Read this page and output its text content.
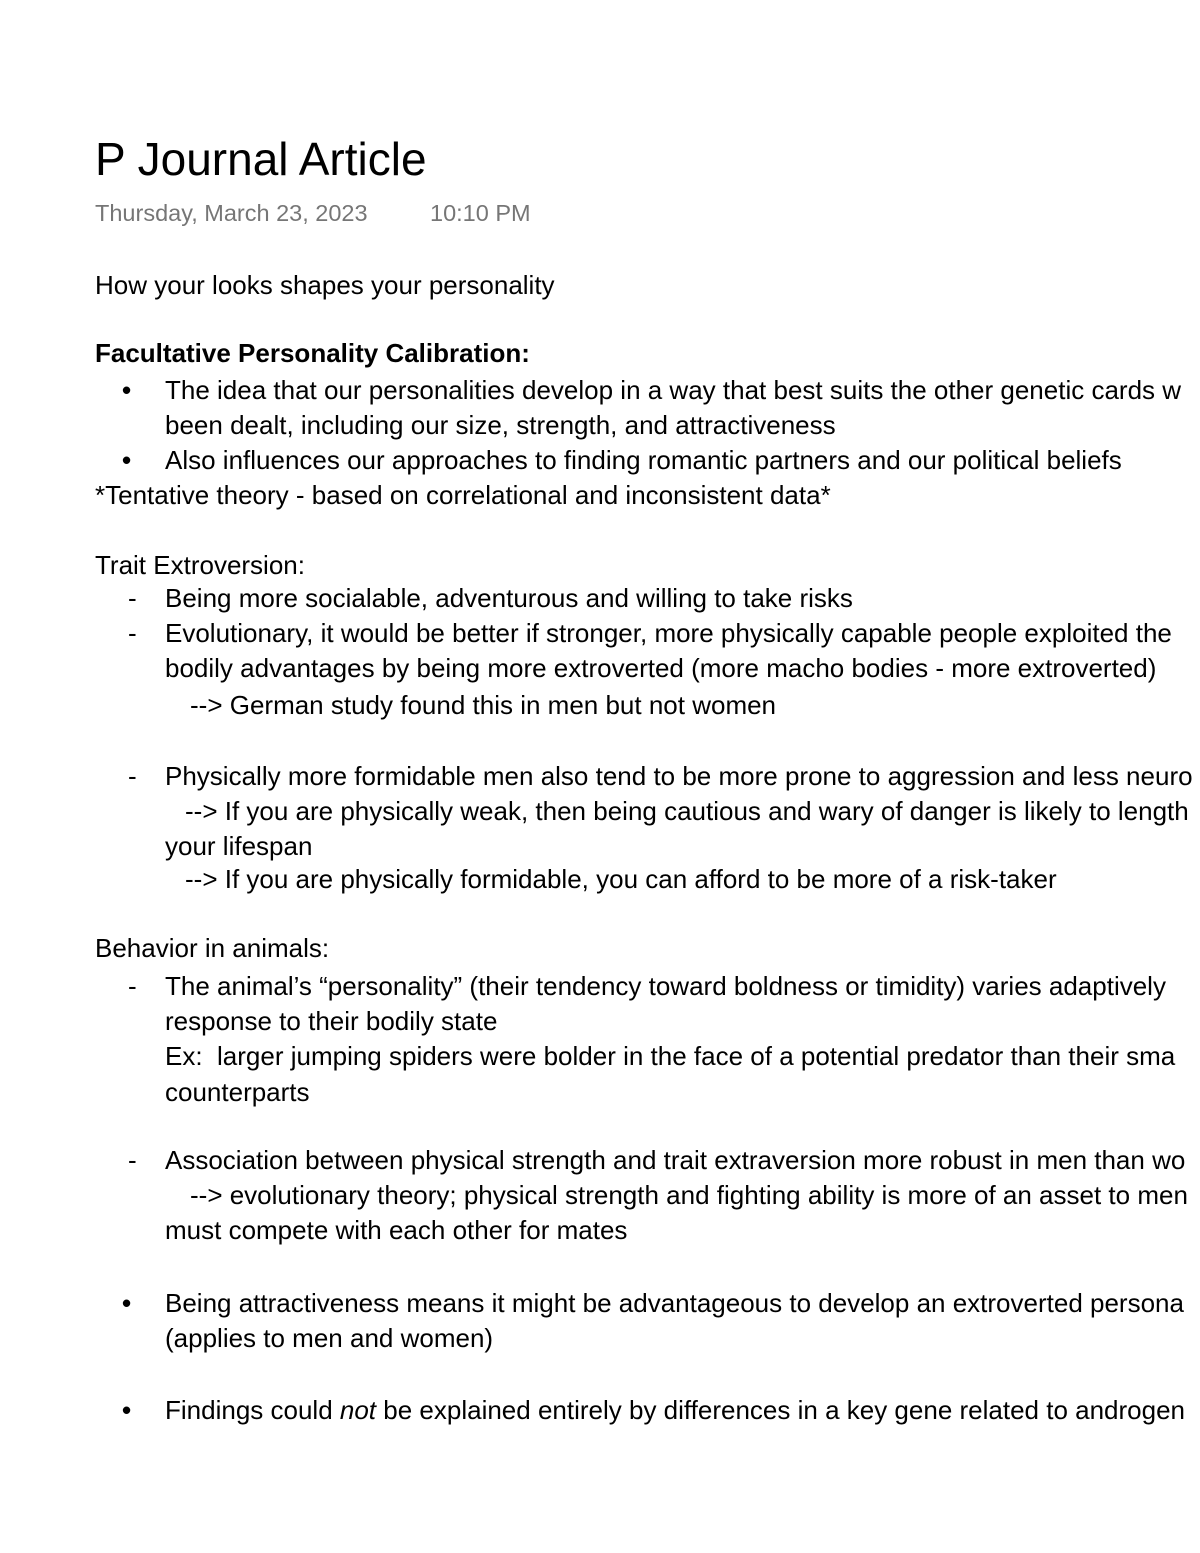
P Journal Article
Thursday, March 23, 2023	10:10 PM
How your looks shapes your personality
Facultative Personality Calibration:
• The idea that our personalities develop in a way that best suits the other genetic cards w
been dealt, including our size, strength, and attractiveness
• Also influences our approaches to finding romantic partners and our political beliefs
*Tentative theory - based on correlational and inconsistent data*
Trait Extroversion:
- Being more socialable, adventurous and willing to take risks
- Evolutionary, it would be better if stronger, more physically capable people exploited the
bodily advantages by being more extroverted (more macho bodies - more extroverted)
--> German study found this in men but not women
- Physically more formidable men also tend to be more prone to aggression and less neuro
--> If you are physically weak, then being cautious and wary of danger is likely to length
your lifespan
--> If you are physically formidable, you can afford to be more of a risk-taker
Behavior in animals:
- The animal’s “personality” (their tendency toward boldness or timidity) varies adaptively
response to their bodily state
Ex:  larger jumping spiders were bolder in the face of a potential predator than their sma
counterparts
- Association between physical strength and trait extraversion more robust in men than wo
--> evolutionary theory; physical strength and fighting ability is more of an asset to men
must compete with each other for mates
• Being attractiveness means it might be advantageous to develop an extroverted persona
(applies to men and women)
• Findings could not be explained entirely by differences in a key gene related to androgen
